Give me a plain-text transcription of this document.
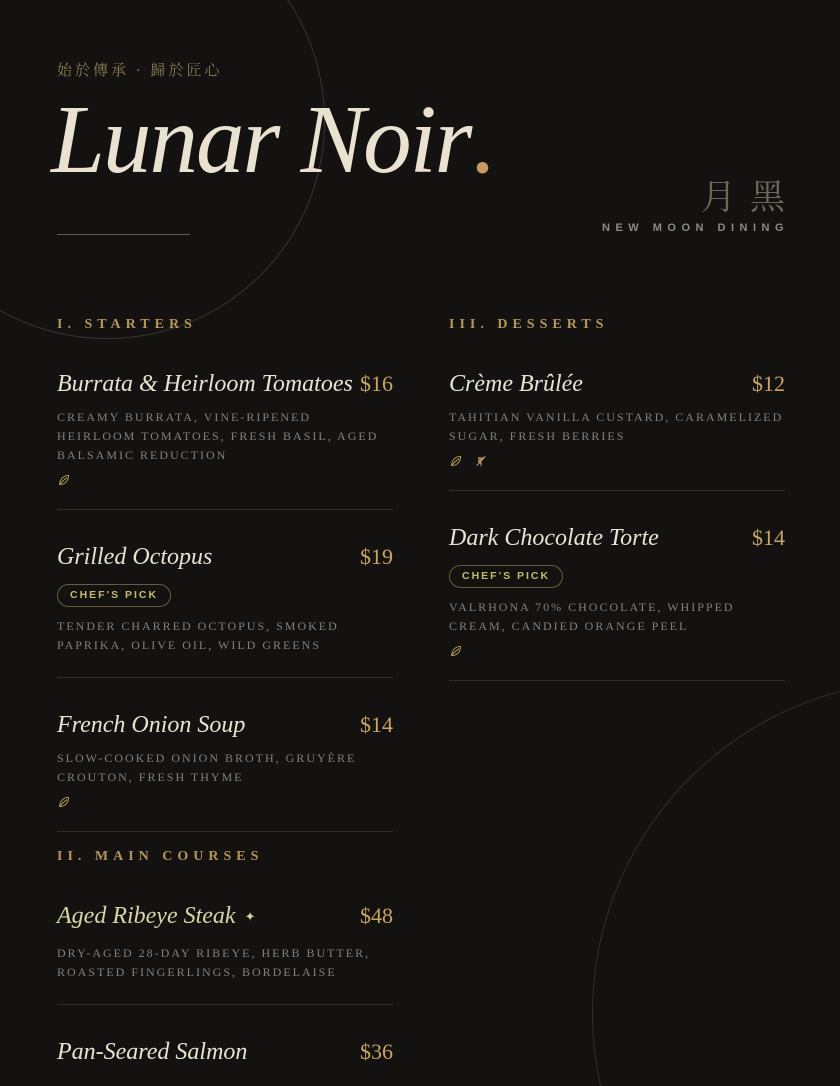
始於傳承 · 歸於匠心
Lunar Noir.
月黑
NEW MOON DINING
I. STARTERS
Burrata & Heirloom Tomatoes $16
CREAMY BURRATA, VINE-RIPENED HEIRLOOM TOMATOES, FRESH BASIL, AGED BALSAMIC REDUCTION
Grilled Octopus	$19
CHEF'S PICK
TENDER CHARRED OCTOPUS, SMOKED PAPRIKA, OLIVE OIL, WILD GREENS
French Onion Soup	$14
SLOW-COOKED ONION BROTH, GRUYÈRE CROUTON, FRESH THYME
II. MAIN COURSES
Aged Ribeye Steak ✦	$48
DRY-AGED 28-DAY RIBEYE, HERB BUTTER, ROASTED FINGERLINGS, BORDELAISE
Pan-Seared Salmon	$36
III. DESSERTS
Crème Brûlée	$12
TAHITIAN VANILLA CUSTARD, CARAMELIZED SUGAR, FRESH BERRIES
Dark Chocolate Torte	$14
CHEF'S PICK
VALRHONA 70% CHOCOLATE, WHIPPED CREAM, CANDIED ORANGE PEEL
